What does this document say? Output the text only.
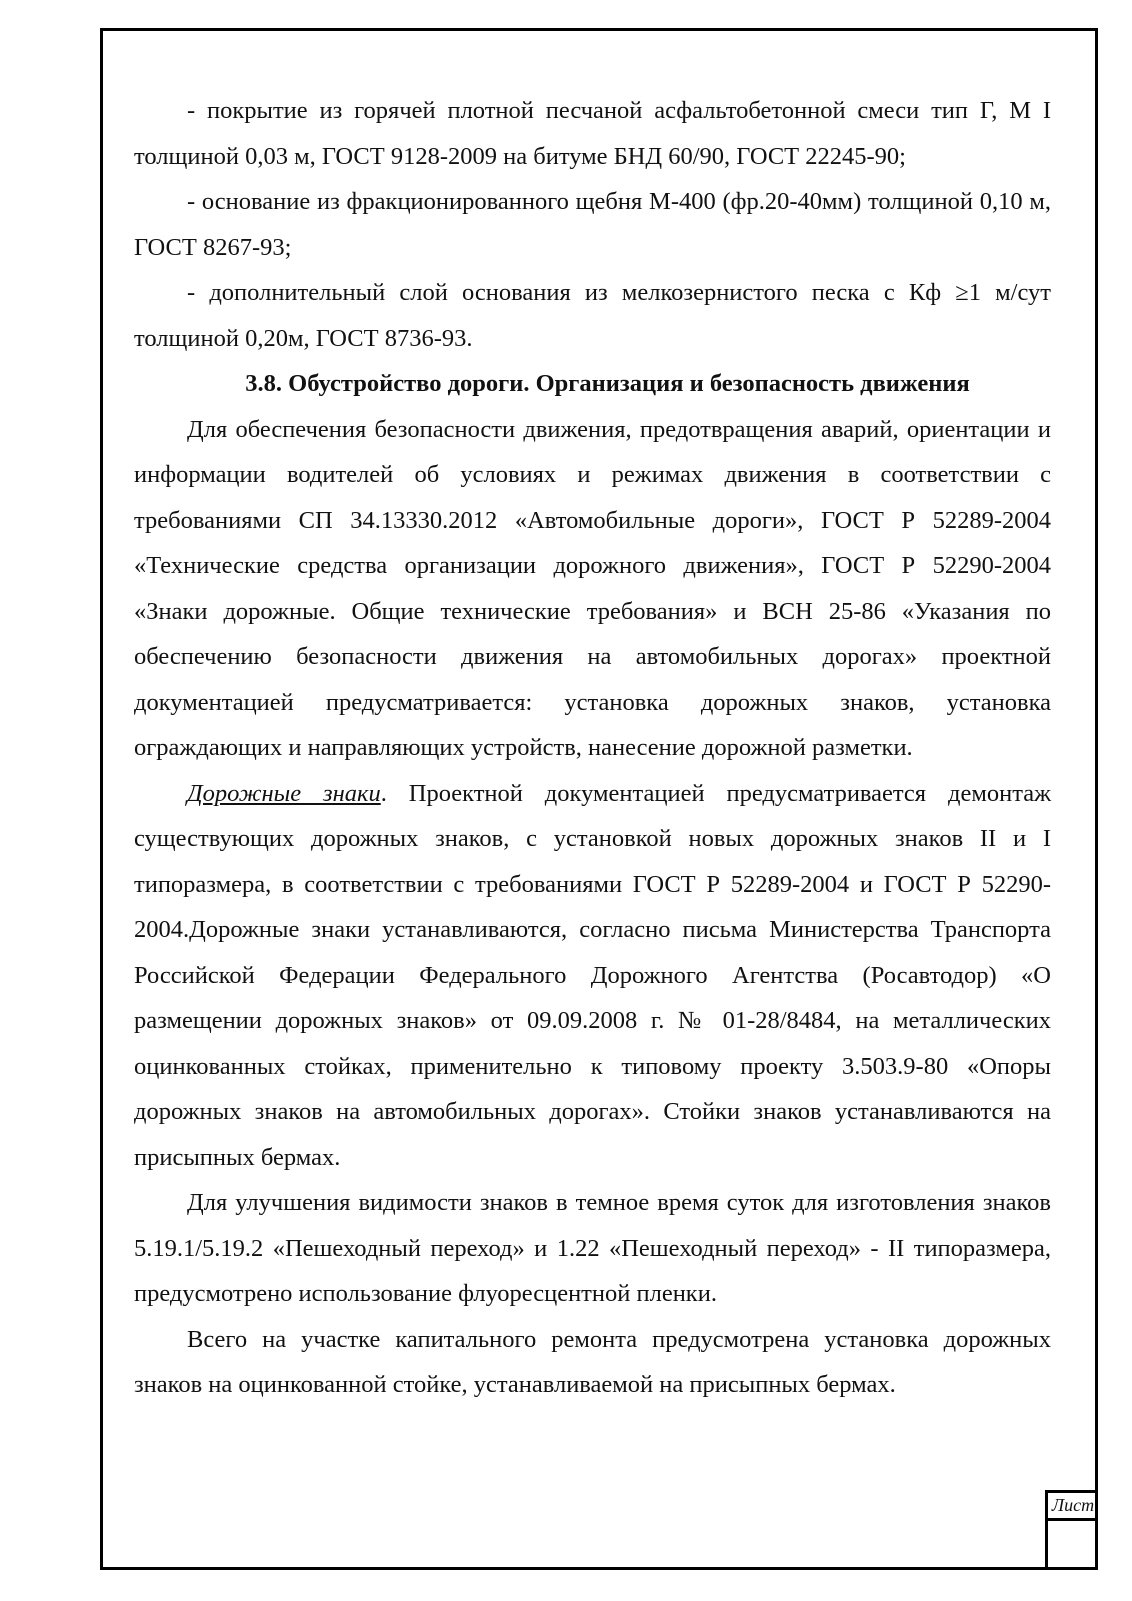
- покрытие из горячей плотной песчаной асфальтобетонной смеси тип Г, М I толщиной 0,03 м, ГОСТ 9128-2009 на битуме БНД 60/90, ГОСТ 22245-90;

- основание из фракционированного щебня М-400 (фр.20-40мм) толщиной 0,10 м, ГОСТ 8267-93;

- дополнительный слой основания из мелкозернистого песка с Кф ≥1 м/сут толщиной 0,20м, ГОСТ 8736-93.

3.8. Обустройство дороги. Организация и безопасность движения

Для обеспечения безопасности движения, предотвращения аварий, ориентации и информации водителей об условиях и режимах движения в соответствии с требованиями СП 34.13330.2012 «Автомобильные дороги», ГОСТ Р 52289-2004 «Технические средства организации дорожного движения», ГОСТ Р 52290-2004 «Знаки дорожные. Общие технические требования» и ВСН 25-86 «Указания по обеспечению безопасности движения на автомобильных дорогах» проектной документацией предусматривается: установка дорожных знаков, установка ограждающих и направляющих устройств, нанесение дорожной разметки.

Дорожные знаки. Проектной документацией предусматривается демонтаж существующих дорожных знаков, с установкой новых дорожных знаков II и I типоразмера, в соответствии с требованиями ГОСТ Р 52289-2004 и ГОСТ Р 52290-2004.Дорожные знаки устанавливаются, согласно письма Министерства Транспорта Российской Федерации Федерального Дорожного Агентства (Росавтодор) «О размещении дорожных знаков» от 09.09.2008 г. № 01-28/8484, на металлических оцинкованных стойках, применительно к типовому проекту 3.503.9-80 «Опоры дорожных знаков на автомобильных дорогах». Стойки знаков устанавливаются на присыпных бермах.

Для улучшения видимости знаков в темное время суток для изготовления знаков 5.19.1/5.19.2 «Пешеходный переход» и 1.22 «Пешеходный переход» - II типоразмера, предусмотрено использование флуоресцентной пленки.

Всего на участке капитального ремонта предусмотрена установка дорожных знаков на оцинкованной стойке, устанавливаемой на присыпных бермах.

Лист
